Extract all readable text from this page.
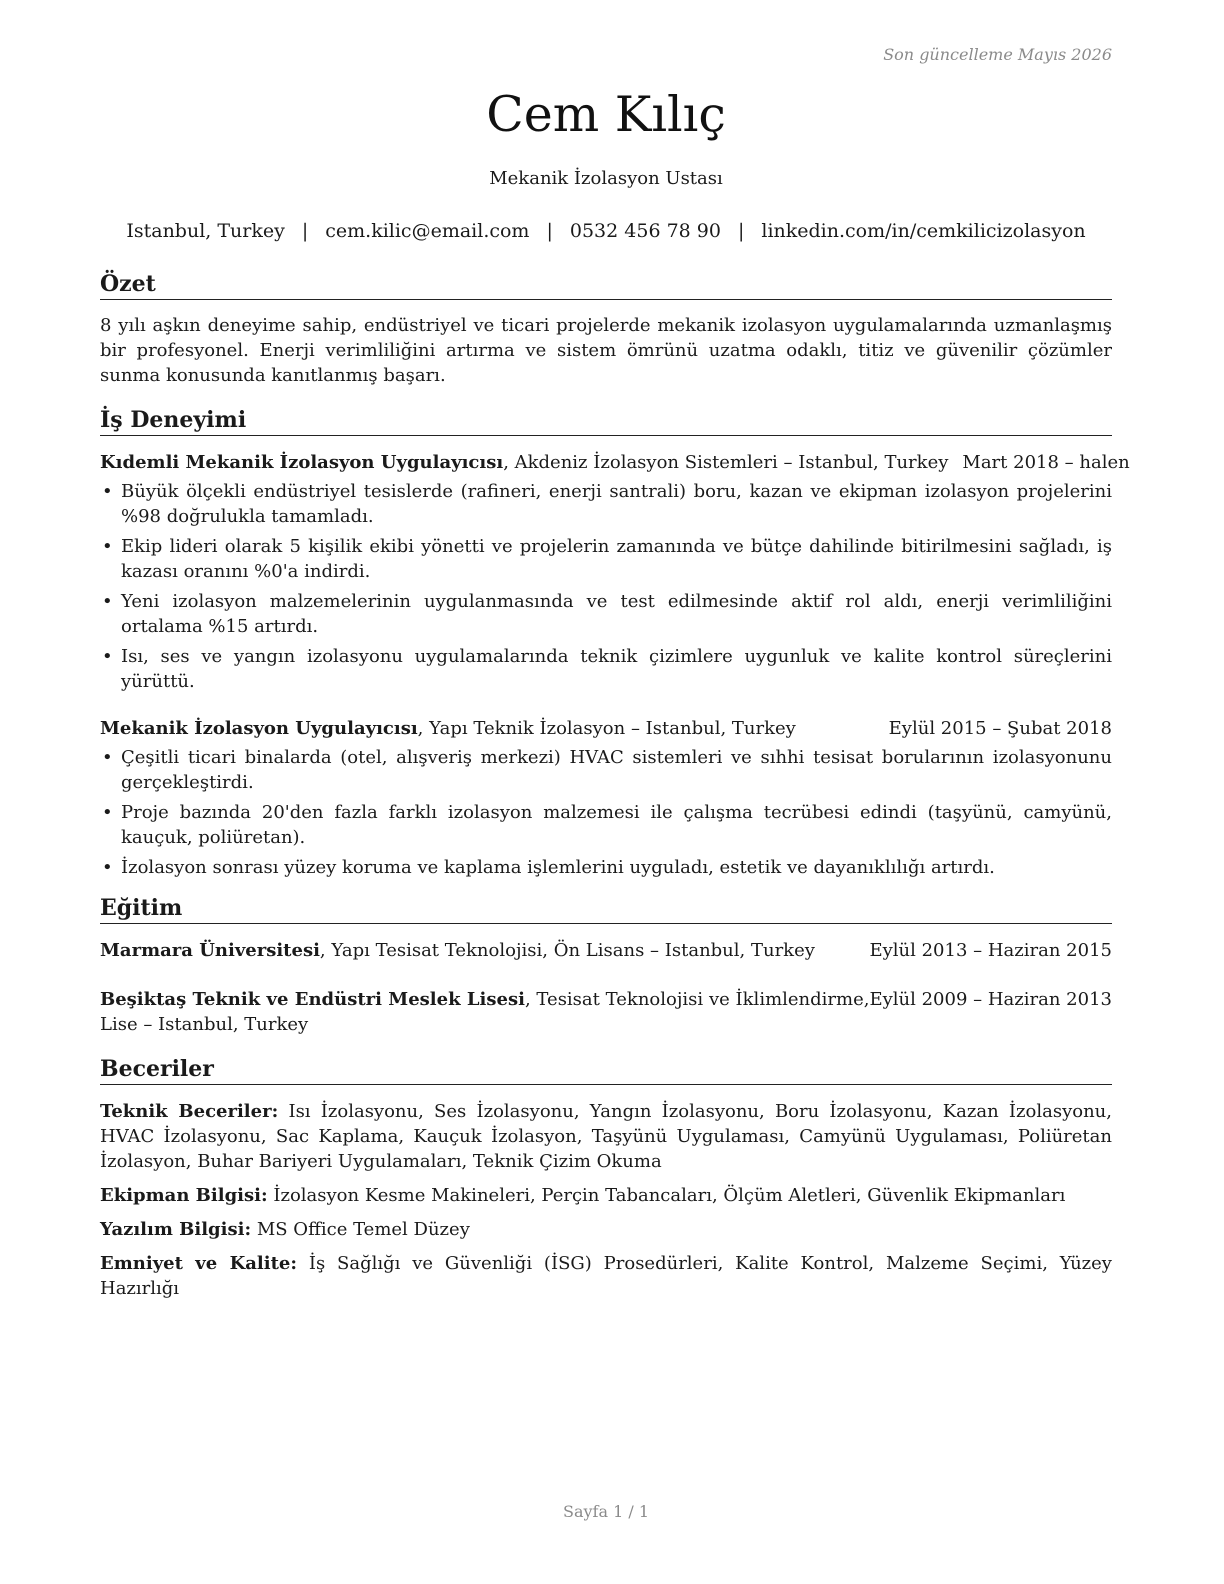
Son güncelleme Mayıs 2026
Cem Kılıç
Mekanik İzolasyon Ustası
Istanbul, Turkey | cem.kilic@email.com | 0532 456 78 90 | linkedin.com/in/cemkilicizolasyon
Özet

8 yılı aşkın deneyime sahip, endüstriyel ve ticari projelerde mekanik izolasyon uygulamalarında uzmanlaşmış bir profesyonel. Enerji verimliliğini artırma ve sistem ömrünü uzatma odaklı, titiz ve güvenilir çözümler sunma konusunda kanıtlanmış başarı.

İş Deneyimi
Kıdemli Mekanik İzolasyon Uygulayıcısı, Akdeniz İzolasyon Sistemleri – Istanbul, Turkey Mart 2018 – halen
• Büyük ölçekli endüstriyel tesislerde (rafineri, enerji santrali) boru, kazan ve ekipman izolasyon projelerini %98 doğrulukla tamamladı.
• Ekip lideri olarak 5 kişilik ekibi yönetti ve projelerin zamanında ve bütçe dahilinde bitirilmesini sağladı, iş kazası oranını %0'a indirdi.
• Yeni izolasyon malzemelerinin uygulanmasında ve test edilmesinde aktif rol aldı, enerji verimliliğini ortalama %15 artırdı.
• Isı, ses ve yangın izolasyonu uygulamalarında teknik çizimlere uygunluk ve kalite kontrol süreçlerini yürüttü.
Mekanik İzolasyon Uygulayıcısı, Yapı Teknik İzolasyon – Istanbul, Turkey	Eylül 2015 – Şubat 2018
• Çeşitli ticari binalarda (otel, alışveriş merkezi) HVAC sistemleri ve sıhhi tesisat borularının izolasyonunu gerçekleştirdi.
• Proje bazında 20'den fazla farklı izolasyon malzemesi ile çalışma tecrübesi edindi (taşyünü, camyünü, kauçuk, poliüretan).
• İzolasyon sonrası yüzey koruma ve kaplama işlemlerini uyguladı, estetik ve dayanıklılığı artırdı.
Eğitim
Marmara Üniversitesi, Yapı Tesisat Teknolojisi, Ön Lisans – Istanbul, Turkey	Eylül 2013 – Haziran 2015
Eylül 2009 – Haziran 2013
Beşiktaş Teknik ve Endüstri Meslek Lisesi, Tesisat Teknolojisi ve İklimlendirme, Lise – Istanbul, Turkey
Beceriler

Teknik Beceriler: Isı İzolasyonu, Ses İzolasyonu, Yangın İzolasyonu, Boru İzolasyonu, Kazan İzolasyonu, HVAC İzolasyonu, Sac Kaplama, Kauçuk İzolasyon, Taşyünü Uygulaması, Camyünü Uygulaması, Poliüretan İzolasyon, Buhar Bariyeri Uygulamaları, Teknik Çizim Okuma

Ekipman Bilgisi: İzolasyon Kesme Makineleri, Perçin Tabancaları, Ölçüm Aletleri, Güvenlik Ekipmanları

Yazılım Bilgisi: MS Office Temel Düzey

Emniyet ve Kalite: İş Sağlığı ve Güvenliği (İSG) Prosedürleri, Kalite Kontrol, Malzeme Seçimi, Yüzey Hazırlığı

Sayfa 1 / 1
